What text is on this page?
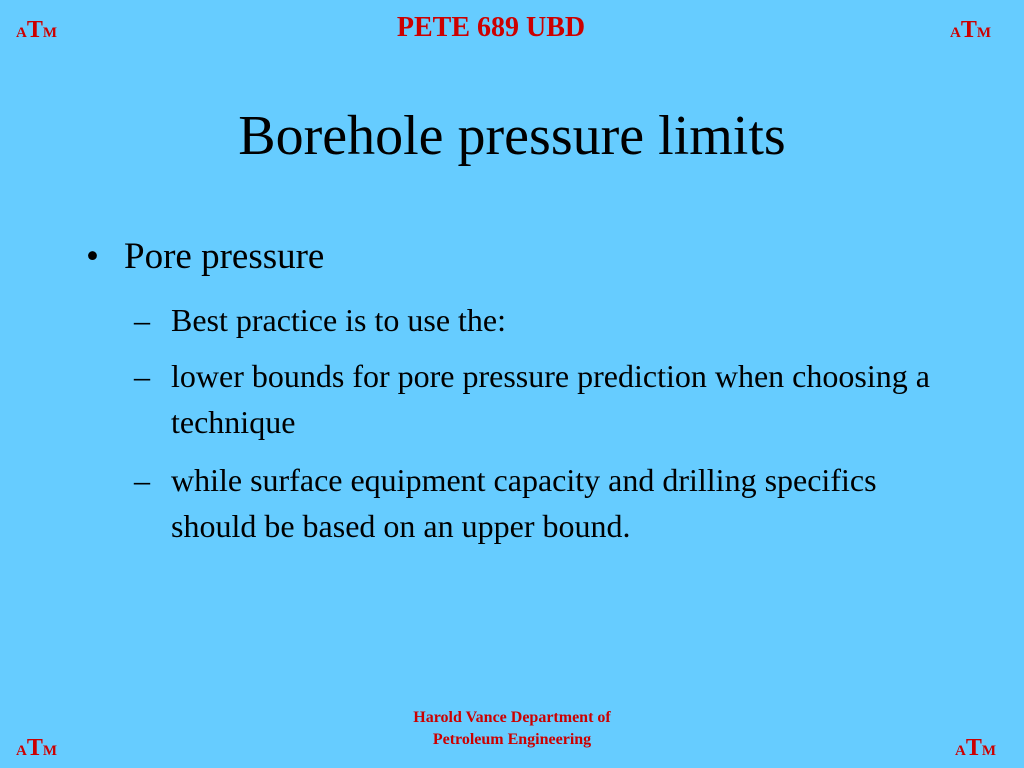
ATM	PETE 689 UBD	ATM
Borehole pressure limits
• Pore pressure
– Best practice is to use the:
– lower bounds for pore pressure prediction when choosing a technique
– while surface equipment capacity and drilling specifics should be based on an upper bound.
ATM
Harold Vance Department of
Petroleum Engineering
ATM
